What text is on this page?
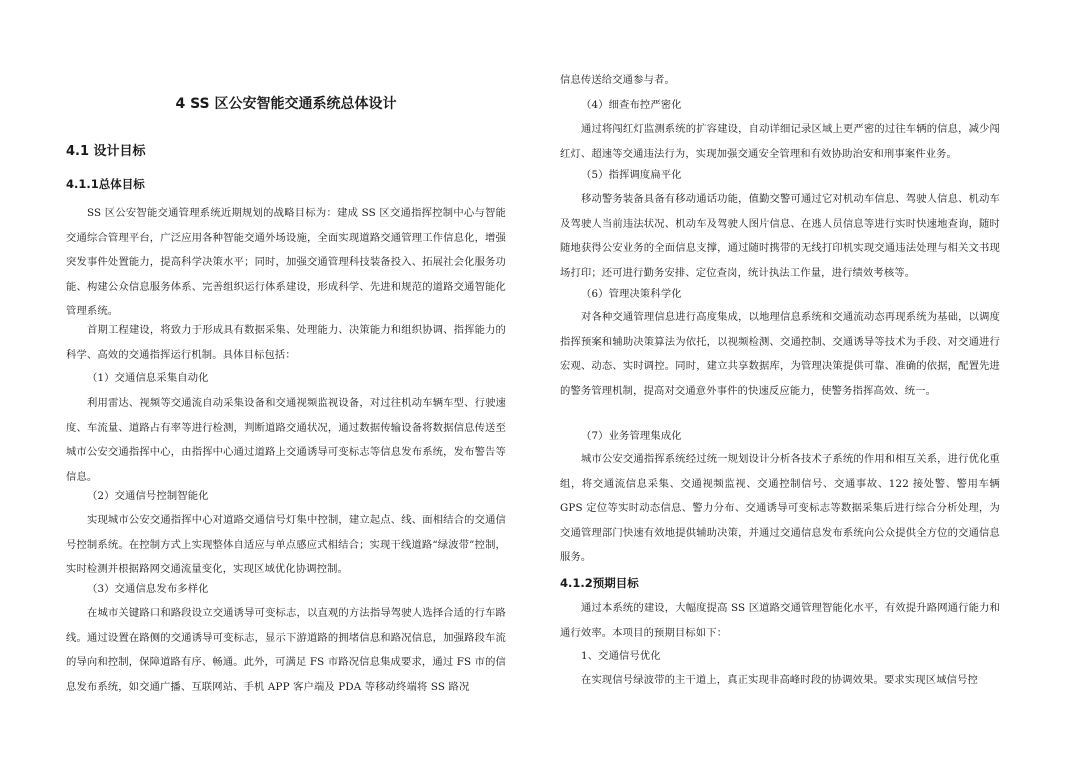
4 SS 区公安智能交通系统总体设计
4.1 设计目标
4.1.1总体目标
SS 区公安智能交通管理系统近期规划的战略目标为：建成 SS 区交通指挥控制中心与智能交通综合管理平台，广泛应用各种智能交通外场设施，全面实现道路交通管理工作信息化，增强突发事件处置能力，提高科学决策水平；同时，加强交通管理科技装备投入、拓展社会化服务功能、构建公众信息服务体系、完善组织运行体系建设，形成科学、先进和规范的道路交通智能化管理系统。
首期工程建设，将致力于形成具有数据采集、处理能力、决策能力和组织协调、指挥能力的科学、高效的交通指挥运行机制。具体目标包括：
（1）交通信息采集自动化
利用雷达、视频等交通流自动采集设备和交通视频监视设备，对过往机动车辆车型、行驶速度、车流量、道路占有率等进行检测，判断道路交通状况，通过数据传输设备将数据信息传送至城市公安交通指挥中心，由指挥中心通过道路上交通诱导可变标志等信息发布系统，发布警告等信息。
（2）交通信号控制智能化
实现城市公安交通指挥中心对道路交通信号灯集中控制，建立起点、线、面相结合的交通信号控制系统。在控制方式上实现整体自适应与单点感应式相结合；实现干线道路“绿波带”控制，实时检测并根据路网交通流量变化，实现区域优化协调控制。
（3）交通信息发布多样化
在城市关键路口和路段设立交通诱导可变标志，以直观的方法指导驾驶人选择合适的行车路线。通过设置在路侧的交通诱导可变标志，显示下游道路的拥堵信息和路况信息，加强路段车流的导向和控制，保障道路有序、畅通。此外，可满足 FS 市路况信息集成要求，通过 FS 市的信息发布系统，如交通广播、互联网站、手机 APP 客户端及 PDA 等移动终端将 SS 路况
信息传送给交通参与者。
（4）细查布控严密化
通过将闯红灯监测系统的扩容建设，自动详细记录区域上更严密的过往车辆的信息，减少闯红灯、超速等交通违法行为，实现加强交通安全管理和有效协助治安和刑事案件业务。
（5）指挥调度扁平化
移动警务装备具备有移动通话功能，值勤交警可通过它对机动车信息、驾驶人信息、机动车及驾驶人当前违法状况、机动车及驾驶人图片信息、在逃人员信息等进行实时快速地查询，随时随地获得公安业务的全面信息支撑，通过随时携带的无线打印机实现交通违法处理与相关文书现场打印；还可进行勤务安排、定位查岗，统计执法工作量，进行绩效考核等。
（6）管理决策科学化
对各种交通管理信息进行高度集成，以地理信息系统和交通流动态再现系统为基础，以调度指挥预案和辅助决策算法为依托，以视频检测、交通控制、交通诱导等技术为手段、对交通进行宏观、动态、实时调控。同时，建立共享数据库，为管理决策提供可靠、准确的依据，配置先进的警务管理机制，提高对交通意外事件的快速反应能力，使警务指挥高效、统一。
（7）业务管理集成化
城市公安交通指挥系统经过统一规划设计分析各技术子系统的作用和相互关系，进行优化重组，将交通流信息采集、交通视频监视、交通控制信号、交通事故、122 接处警、警用车辆 GPS 定位等实时动态信息、警力分布、交通诱导可变标志等数据采集后进行综合分析处理，为交通管理部门快速有效地提供辅助决策，并通过交通信息发布系统向公众提供全方位的交通信息服务。
4.1.2预期目标
通过本系统的建设，大幅度提高 SS 区道路交通管理智能化水平，有效提升路网通行能力和通行效率。本项目的预期目标如下：
1、交通信号优化
在实现信号绿波带的主干道上，真正实现非高峰时段的协调效果。要求实现区域信号控
